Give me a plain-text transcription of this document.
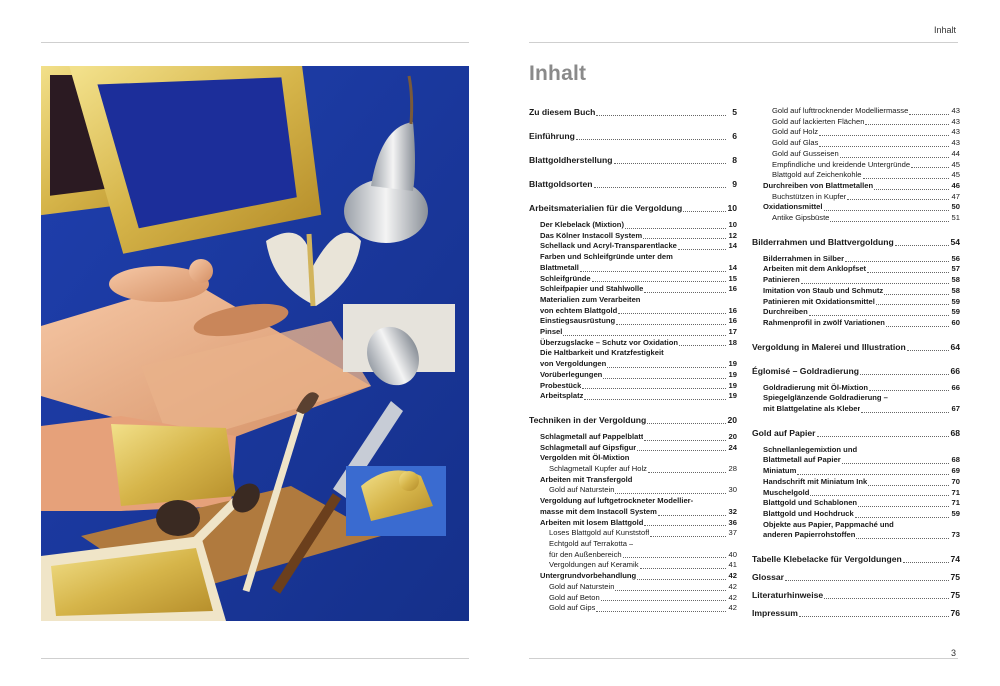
Inhalt
3
Inhalt
Zu diesem Buch	5
Einführung	6
Blattgoldherstellung	8
Blattgoldsorten	9
Arbeitsmaterialien für die Vergoldung	10
Der Klebelack (Mixtion)	10
Das Kölner Instacoll System	12
Schellack und Acryl-Transparentlacke	14
Farben und Schleifgründe unter dem
Blattmetall	14
Schleifgründe	15
Schleifpapier und Stahlwolle	16
Materialien zum Verarbeiten
von echtem Blattgold	16
Einstiegsausrüstung	16
Pinsel	17
Überzugslacke – Schutz vor Oxidation	18
Die Haltbarkeit und Kratzfestigkeit
von Vergoldungen	19
Vorüberlegungen	19
Probestück	19
Arbeitsplatz	19
Techniken in der Vergoldung	20
Schlagmetall auf Pappelblatt	20
Schlagmetall auf Gipsfigur	24
Vergolden mit Öl-Mixtion
Schlagmetall Kupfer auf Holz	28
Arbeiten mit Transfergold
Gold auf Naturstein	30
Vergoldung auf luftgetrockneter Modellier-
masse mit dem Instacoll System	32
Arbeiten mit losem Blattgold	36
Loses Blattgold auf Kunststoff	37
Echtgold auf Terrakotta –
für den Außenbereich	40
Vergoldungen auf Keramik	41
Untergrundvorbehandlung	42
Gold auf Naturstein	42
Gold auf Beton	42
Gold auf Gips	42
Gold auf lufttrocknender Modelliermasse	43
Gold auf lackierten Flächen	43
Gold auf Holz	43
Gold auf Glas	43
Gold auf Gusseisen	44
Empfindliche und kreidende Untergründe	45
Blattgold auf Zeichenkohle	45
Durchreiben von Blattmetallen	46
Buchstützen in Kupfer	47
Oxidationsmittel	50
Antike Gipsbüste	51
Bilderrahmen und Blattvergoldung	54
Bilderrahmen in Silber	56
Arbeiten mit dem Anklopfset	57
Patinieren	58
Imitation von Staub und Schmutz	58
Patinieren mit Oxidationsmittel	59
Durchreiben	59
Rahmenprofil in zwölf Variationen	60
Vergoldung in Malerei und Illustration	64
Églomisé – Goldradierung	66
Goldradierung mit Öl-Mixtion	66
Spiegelglänzende Goldradierung –
mit Blattgelatine als Kleber	67
Gold auf Papier	68
Schnellanlegemixtion und
Blattmetall auf Papier	68
Miniatum	69
Handschrift mit Miniatum Ink	70
Muschelgold	71
Blattgold und Schablonen	71
Blattgold und Hochdruck	59
Objekte aus Papier, Pappmaché und
anderen Papierrohstoffen	73
Tabelle Klebelacke für Vergoldungen	74
Glossar	75
Literaturhinweise	75
Impressum	76
